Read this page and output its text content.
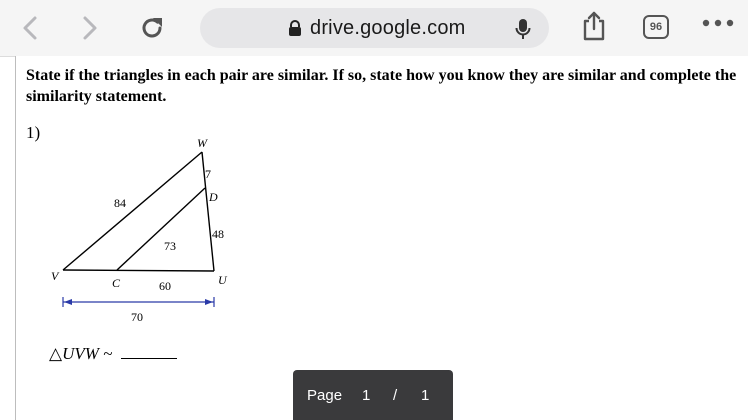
drive.google.com	96
State if the triangles in each pair are similar. If so, state how you know they are similar and complete the similarity statement.
1)
W
D
V	C	U
7
84
48
73
60
70
△UVW ~
Page 1 / 1
